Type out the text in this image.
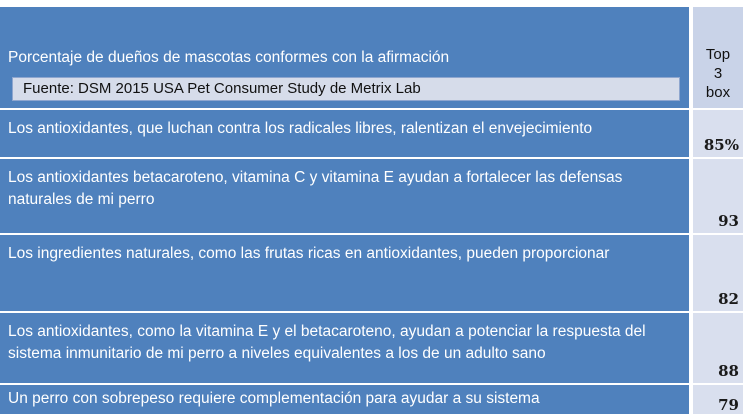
Porcentaje de dueños de mascotas conformes con la afirmación	Top
3
box
Fuente: DSM 2015 USA Pet Consumer Study de Metrix Lab
Los antioxidantes, que luchan contra los radicales libres, ralentizan el envejecimiento
85%
Los antioxidantes betacaroteno, vitamina C y vitamina E ayudan a fortalecer las defensas naturales de mi perro
93
Los ingredientes naturales, como las frutas ricas en antioxidantes, pueden proporcionar
82
Los antioxidantes, como la vitamina E y el betacaroteno, ayudan a potenciar la respuesta del sistema inmunitario de mi perro a niveles equivalentes a los de un adulto sano
88
Un perro con sobrepeso requiere complementación para ayudar a su sistema	79
